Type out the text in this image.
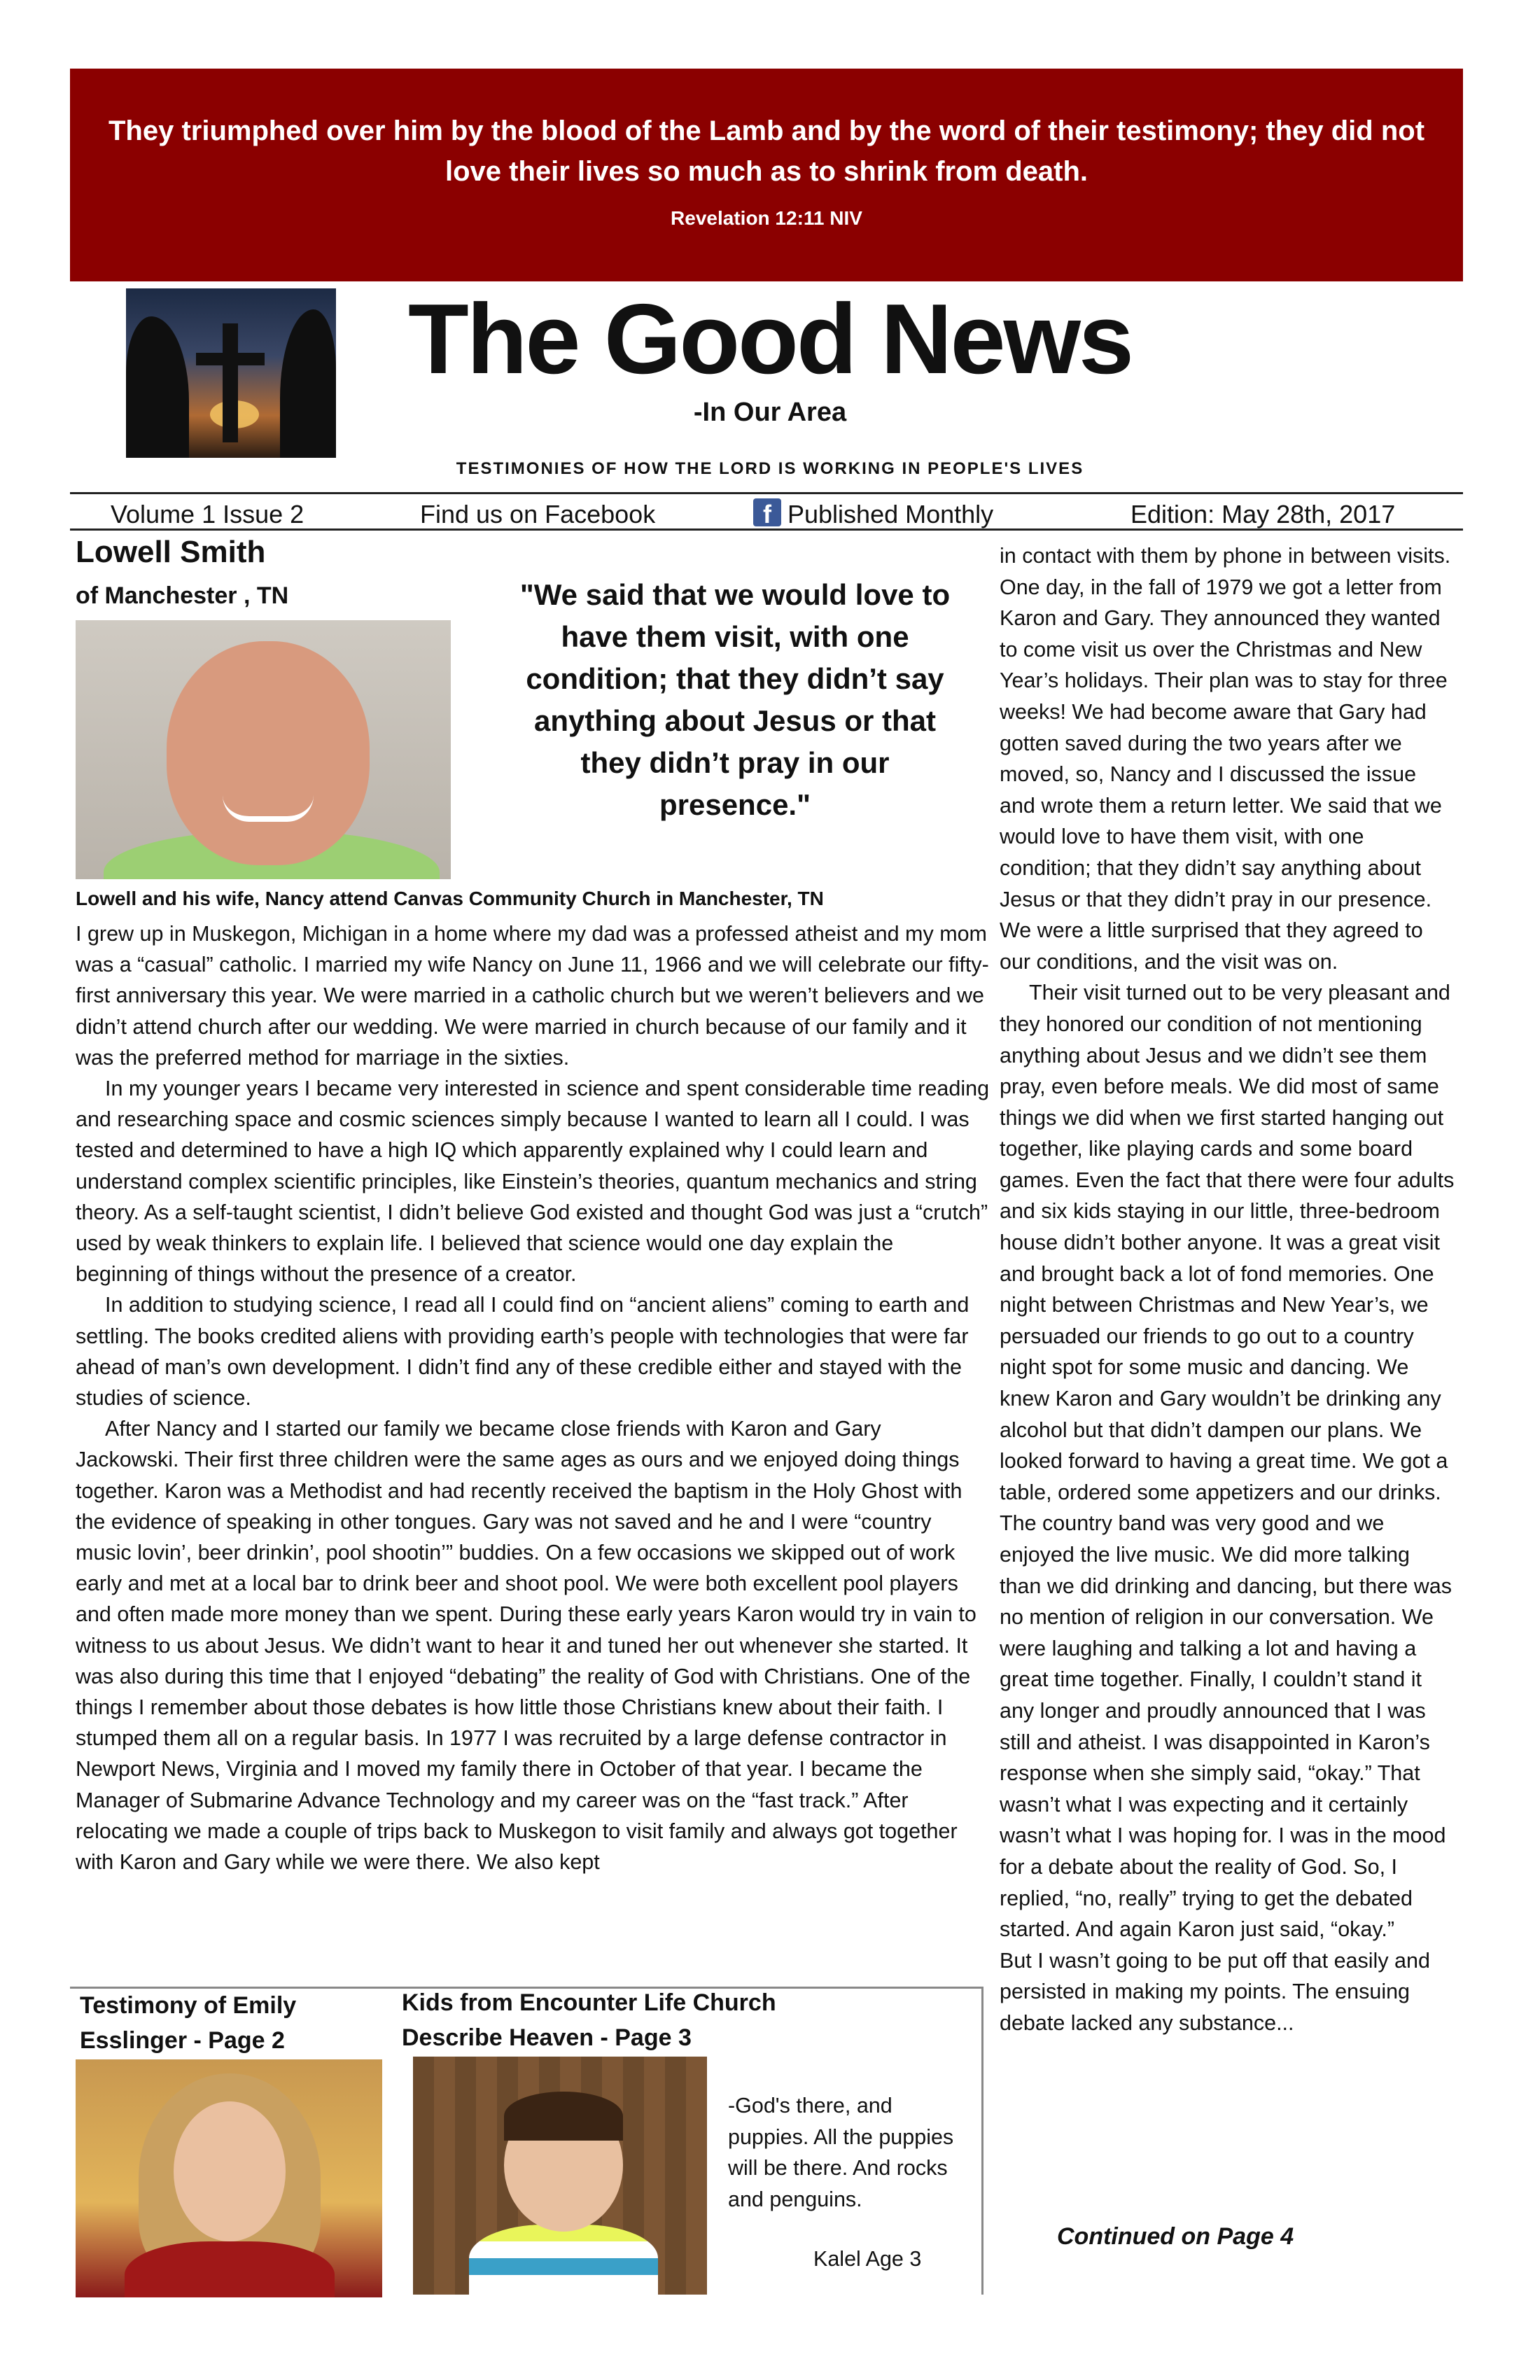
They triumphed over him by the blood of the Lamb and by the word of their testimony; they did not love their lives so much as to shrink from death.
Revelation 12:11 NIV
The Good News
-In Our Area
TESTIMONIES OF HOW THE LORD IS WORKING IN PEOPLE'S LIVES
Volume 1 Issue 2	Find us on Facebook	f Published Monthly	Edition: May 28th, 2017
Lowell Smith
of Manchester , TN	"We said that we would love to have them visit, with one condition; that they didn’t say anything about Jesus or that they didn’t pray in our presence."
Lowell and his wife, Nancy attend Canvas Community Church in Manchester, TN

I grew up in Muskegon, Michigan in a home where my dad was a professed atheist and my mom was a “casual” catholic. I married my wife Nancy on June 11, 1966 and we will celebrate our fifty-first anniversary this year. We were married in a catholic church but we weren’t believers and we didn’t attend church after our wedding. We were married in church because of our family and it was the preferred method for marriage in the sixties.

In my younger years I became very interested in science and spent considerable time reading and researching space and cosmic sciences simply because I wanted to learn all I could. I was tested and determined to have a high IQ which apparently explained why I could learn and understand complex scientific principles, like Einstein’s theories, quantum mechanics and string theory. As a self-taught scientist, I didn’t believe God existed and thought God was just a “crutch” used by weak thinkers to explain life. I believed that science would one day explain the beginning of things without the presence of a creator.

In addition to studying science, I read all I could find on “ancient aliens” coming to earth and settling. The books credited aliens with providing earth’s people with technologies that were far ahead of man’s own development. I didn’t find any of these credible either and stayed with the studies of science.

After Nancy and I started our family we became close friends with Karon and Gary Jackowski. Their first three children were the same ages as ours and we enjoyed doing things together. Karon was a Methodist and had recently received the baptism in the Holy Ghost with the evidence of speaking in other tongues. Gary was not saved and he and I were “country music lovin’, beer drinkin’, pool shootin’” buddies. On a few occasions we skipped out of work early and met at a local bar to drink beer and shoot pool. We were both excellent pool players and often made more money than we spent. During these early years Karon would try in vain to witness to us about Jesus. We didn’t want to hear it and tuned her out whenever she started. It was also during this time that I enjoyed “debating” the reality of God with Christians. One of the things I remember about those debates is how little those Christians knew about their faith. I stumped them all on a regular basis. In 1977 I was recruited by a large defense contractor in Newport News, Virginia and I moved my family there in October of that year. I became the Manager of Submarine Advance Technology and my career was on the “fast track.” After relocating we made a couple of trips back to Muskegon to visit family and always got together with Karon and Gary while we were there. We also kept

in contact with them by phone in between visits. One day, in the fall of 1979 we got a letter from Karon and Gary. They announced they wanted to come visit us over the Christmas and New Year’s holidays. Their plan was to stay for three weeks! We had become aware that Gary had gotten saved during the two years after we moved, so, Nancy and I discussed the issue and wrote them a return letter. We said that we would love to have them visit, with one condition; that they didn’t say anything about Jesus or that they didn’t pray in our presence. We were a little surprised that they agreed to our conditions, and the visit was on.

Their visit turned out to be very pleasant and they honored our condition of not mentioning anything about Jesus and we didn’t see them pray, even before meals. We did most of same things we did when we first started hanging out together, like playing cards and some board games. Even the fact that there were four adults and six kids staying in our little, three-bedroom house didn’t bother anyone. It was a great visit and brought back a lot of fond memories. One night between Christmas and New Year’s, we persuaded our friends to go out to a country night spot for some music and dancing. We knew Karon and Gary wouldn’t be drinking any alcohol but that didn’t dampen our plans. We looked forward to having a great time. We got a table, ordered some appetizers and our drinks. The country band was very good and we enjoyed the live music. We did more talking than we did drinking and dancing, but there was no mention of religion in our conversation. We were laughing and talking a lot and having a great time together. Finally, I couldn’t stand it any longer and proudly announced that I was still and atheist. I was disappointed in Karon’s response when she simply said, “okay.” That wasn’t what I was expecting and it certainly wasn’t what I was hoping for. I was in the mood for a debate about the reality of God. So, I replied, “no, really” trying to get the debated started. And again Karon just said, “okay.”

But I wasn’t going to be put off that easily and persisted in making my points. The ensuing debate lacked any substance...

Continued on Page 4
Testimony of Emily Esslinger - Page 2
Kids from Encounter Life Church Describe Heaven - Page 3
-God's there, and puppies. All the puppies will be there. And rocks and penguins.
Kalel Age 3
